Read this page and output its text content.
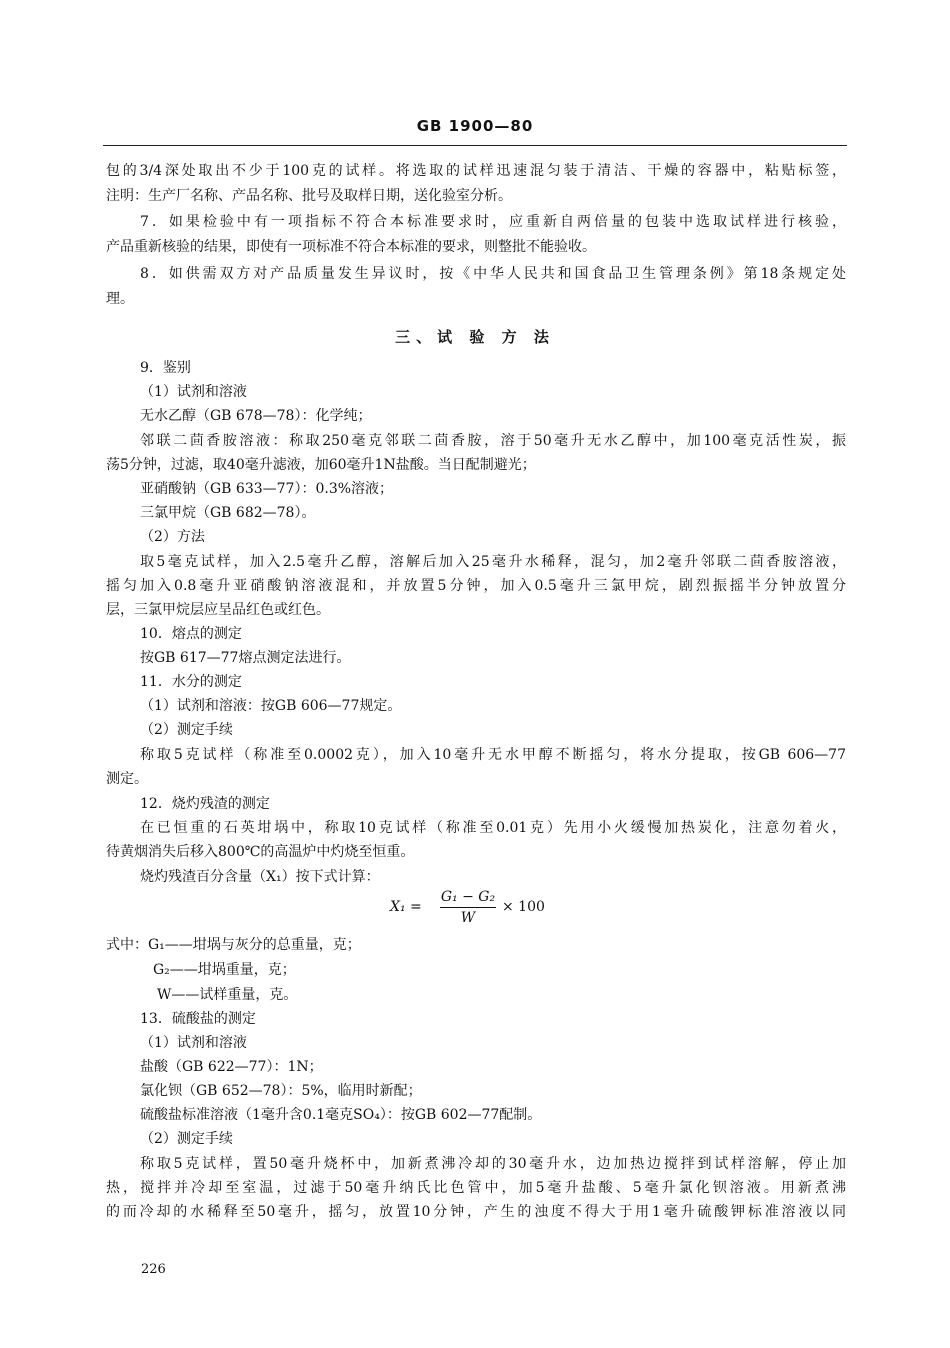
GB 1900—80
包的3/4深处取出不少于100克的试样。将选取的试样迅速混匀装于清洁、干燥的容器中，粘贴标签，
注明：生产厂名称、产品名称、批号及取样日期，送化验室分析。
7．如果检验中有一项指标不符合本标准要求时，应重新自两倍量的包装中选取试样进行核验，
产品重新核验的结果，即使有一项标准不符合本标准的要求，则整批不能验收。
8．如供需双方对产品质量发生异议时，按《中华人民共和国食品卫生管理条例》第18条规定处
理。
三、试 验 方 法
9．鉴别
（1）试剂和溶液
无水乙醇（GB 678—78）：化学纯；
邻联二茴香胺溶液：称取250毫克邻联二茴香胺，溶于50毫升无水乙醇中，加100毫克活性炭，振
荡5分钟，过滤，取40毫升滤液，加60毫升1N盐酸。当日配制避光；
亚硝酸钠（GB 633—77）：0.3%溶液；
三氯甲烷（GB 682—78）。
（2）方法
取5毫克试样，加入2.5毫升乙醇，溶解后加入25毫升水稀释，混匀，加2毫升邻联二茴香胺溶液，
摇匀加入0.8毫升亚硝酸钠溶液混和，并放置5分钟，加入0.5毫升三氯甲烷，剧烈振摇半分钟放置分
层，三氯甲烷层应呈品红色或红色。
10．熔点的测定
按GB 617—77熔点测定法进行。
11．水分的测定
（1）试剂和溶液：按GB 606—77规定。
（2）测定手续
称取5克试样（称准至0.0002克），加入10毫升无水甲醇不断摇匀，将水分提取，按GB 606—77
测定。
12．烧灼残渣的测定
在已恒重的石英坩埚中，称取10克试样（称准至0.01克）先用小火缓慢加热炭化，注意勿着火，
待黄烟消失后移入800℃的高温炉中灼烧至恒重。
烧灼残渣百分含量（X₁）按下式计算：
X₁ =
G₁ − G₂
W
× 100
式中：G₁——坩埚与灰分的总重量，克；
G₂——坩埚重量，克；
W——试样重量，克。
13．硫酸盐的测定
（1）试剂和溶液
盐酸（GB 622—77）：1N；
氯化钡（GB 652—78）：5%，临用时新配；
硫酸盐标准溶液（1毫升含0.1毫克SO₄）：按GB 602—77配制。
（2）测定手续
称取5克试样，置50毫升烧杯中，加新煮沸冷却的30毫升水，边加热边搅拌到试样溶解，停止加
热，搅拌并冷却至室温，过滤于50毫升纳氏比色管中，加5毫升盐酸、5毫升氯化钡溶液。用新煮沸
的而冷却的水稀释至50毫升，摇匀，放置10分钟，产生的浊度不得大于用1毫升硫酸钾标准溶液以同
226
